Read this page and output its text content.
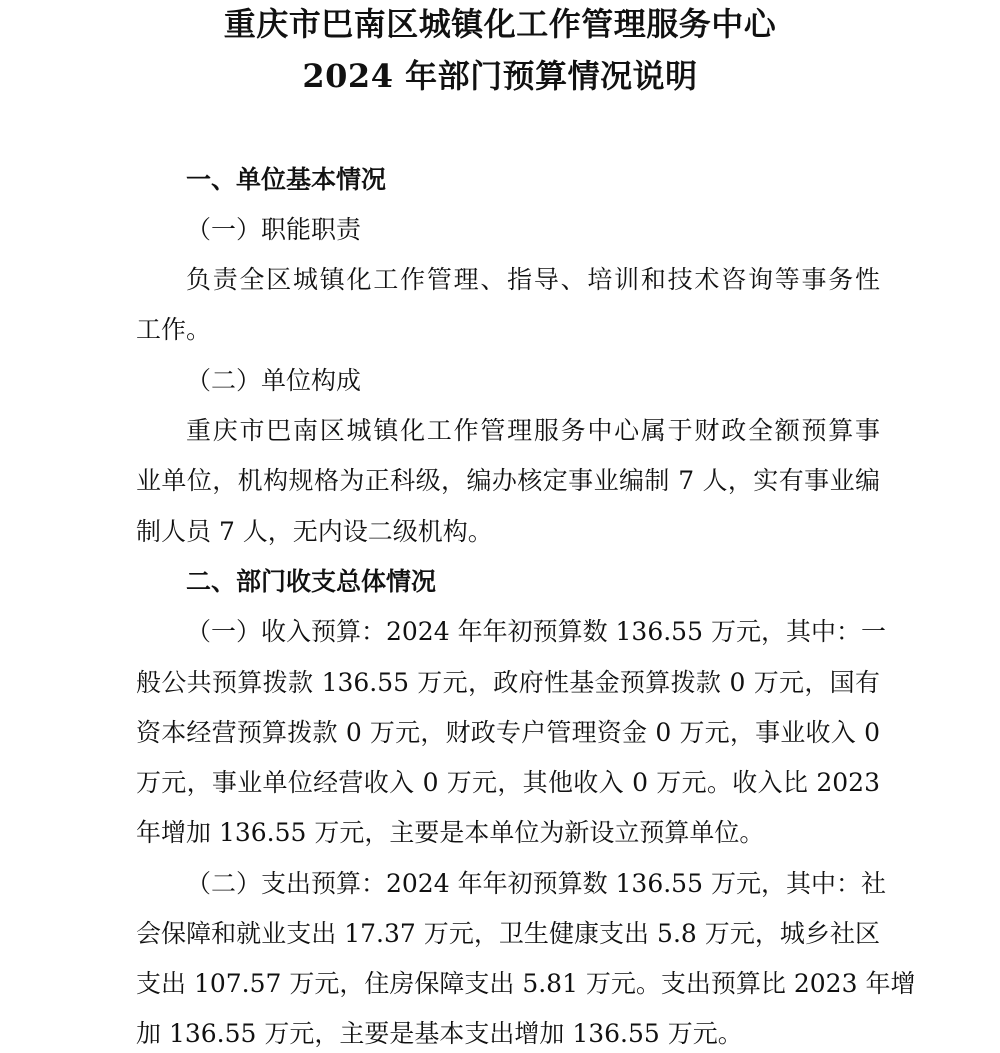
重庆市巴南区城镇化工作管理服务中心
2024 年部门预算情况说明
一、单位基本情况
（一）职能职责
负责全区城镇化工作管理、指导、培训和技术咨询等事务性
工作。
（二）单位构成
重庆市巴南区城镇化工作管理服务中心属于财政全额预算事
业单位，机构规格为正科级，编办核定事业编制 7 人，实有事业编
制人员 7 人，无内设二级机构。
二、部门收支总体情况
（一）收入预算：2024 年年初预算数 136.55 万元，其中：一
般公共预算拨款 136.55 万元，政府性基金预算拨款 0 万元，国有
资本经营预算拨款 0 万元，财政专户管理资金 0 万元，事业收入 0
万元，事业单位经营收入 0 万元，其他收入 0 万元。收入比 2023
年增加 136.55 万元，主要是本单位为新设立预算单位。
（二）支出预算：2024 年年初预算数 136.55 万元，其中：社
会保障和就业支出 17.37 万元，卫生健康支出 5.8 万元，城乡社区
支出 107.57 万元，住房保障支出 5.81 万元。支出预算比 2023 年增
加 136.55 万元，主要是基本支出增加 136.55 万元。
